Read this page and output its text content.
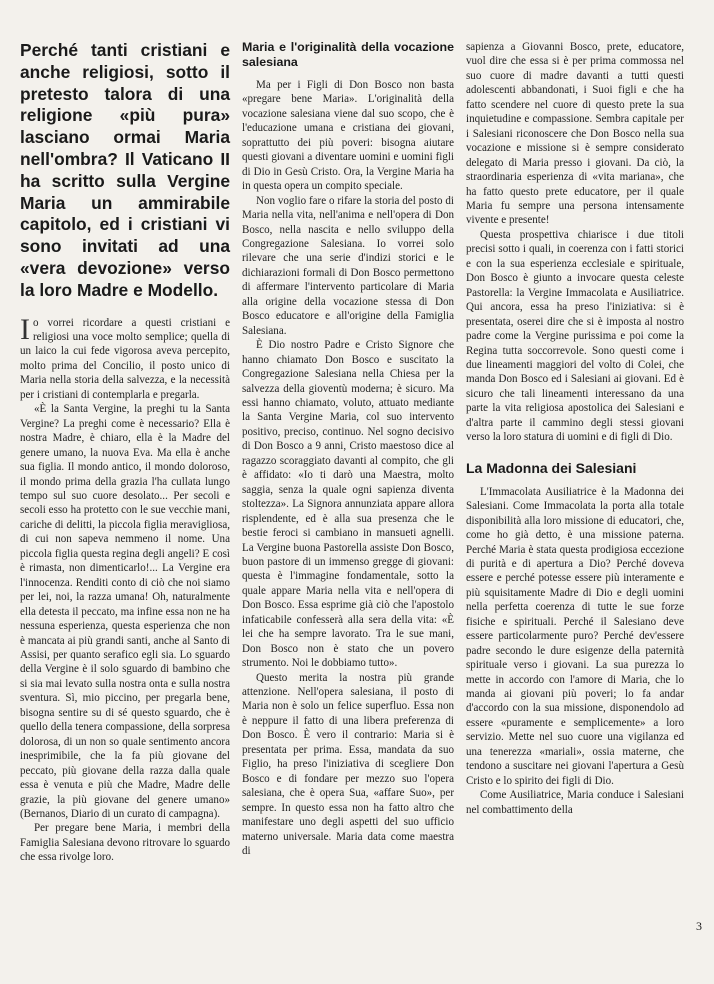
Perché tanti cristiani e anche religiosi, sotto il pretesto talora di una religione «più pura» lasciano ormai Maria nell'ombra? Il Vaticano II ha scritto sulla Vergine Maria un ammirabile capitolo, ed i cristiani vi sono invitati ad una «vera devozione» verso la loro Madre e Modello.

Io vorrei ricordare a questi cristiani e religiosi una voce molto semplice; quella di un laico la cui fede vigorosa aveva percepito, molto prima del Concilio, il posto unico di Maria nella storia della salvezza, e la necessità per i cristiani di contemplarla e pregarla.

«È la Santa Vergine, la preghi tu la Santa Vergine? La preghi come è necessario? Ella è nostra Madre, è chiaro, ella è la Madre del genere umano, la nuova Eva. Ma ella è anche sua figlia. Il mondo antico, il mondo doloroso, il mondo prima della grazia l'ha cullata lungo tempo sul suo cuore desolato... Per secoli e secoli esso ha protetto con le sue vecchie mani, cariche di delitti, la piccola figlia meravigliosa, di cui non sapeva nemmeno il nome. Una piccola figlia questa regina degli angeli? E così è rimasta, non dimenticarlo!... La Vergine era l'innocenza. Renditi conto di ciò che noi siamo per lei, noi, la razza umana! Oh, naturalmente ella detesta il peccato, ma infine essa non ne ha nessuna esperienza, questa esperienza che non è mancata ai più grandi santi, anche al Santo di Assisi, per quanto serafico egli sia. Lo sguardo della Vergine è il solo sguardo di bambino che si sia mai levato sulla nostra onta e sulla nostra sventura. Sì, mio piccino, per pregarla bene, bisogna sentire su di sé questo sguardo, che è quello della tenera compassione, della sorpresa dolorosa, di un non so quale sentimento ancora inesprimibile, che la fa più giovane del peccato, più giovane della razza dalla quale essa è venuta e più che Madre, Madre delle grazie, la più giovane del genere umano» (Bernanos, Diario di un curato di campagna).

Per pregare bene Maria, i membri della Famiglia Salesiana devono ritrovare lo sguardo che essa rivolge loro.

Maria e l'originalità della vocazione salesiana

Ma per i Figli di Don Bosco non basta «pregare bene Maria». L'originalità della vocazione salesiana viene dal suo scopo, che è l'educazione umana e cristiana dei giovani, soprattutto dei più poveri: bisogna aiutare questi giovani a diventare uomini e uomini figli di Dio in Gesù Cristo. Ora, la Vergine Maria ha in questa opera un compito speciale.

Non voglio fare o rifare la storia del posto di Maria nella vita, nell'anima e nell'opera di Don Bosco, nella nascita e nello sviluppo della Congregazione Salesiana. Io vorrei solo rilevare che una serie d'indizi storici e le dichiarazioni formali di Don Bosco permettono di affermare l'intervento particolare di Maria alla origine della vocazione stessa di Don Bosco educatore e all'origine della Famiglia Salesiana.

È Dio nostro Padre e Cristo Signore che hanno chiamato Don Bosco e suscitato la Congregazione Salesiana nella Chiesa per la salvezza della gioventù moderna; è sicuro. Ma essi hanno chiamato, voluto, attuato mediante la Santa Vergine Maria, col suo intervento positivo, preciso, continuo. Nel sogno decisivo di Don Bosco a 9 anni, Cristo maestoso dice al ragazzo scoraggiato davanti al compito, che gli è affidato: «Io ti darò una Maestra, molto saggia, senza la quale ogni sapienza diventa stoltezza». La Signora annunziata appare allora risplendente, ed è alla sua presenza che le bestie feroci si cambiano in mansueti agnelli. La Vergine buona Pastorella assiste Don Bosco, buon pastore di un immenso gregge di giovani: questa è l'immagine fondamentale, sotto la quale appare Maria nella vita e nell'opera di Don Bosco. Essa esprime già ciò che l'apostolo infaticabile confesserà alla sera della vita: «È lei che ha sempre lavorato. Tra le sue mani, Don Bosco non è stato che un povero strumento. Noi le dobbiamo tutto».

Questo merita la nostra più grande attenzione. Nell'opera salesiana, il posto di Maria non è solo un felice superfluo. Essa non è neppure il fatto di una libera preferenza di Don Bosco. È vero il contrario: Maria si è presentata per prima. Essa, mandata da suo Figlio, ha preso l'iniziativa di scegliere Don Bosco e di fondare per mezzo suo l'opera salesiana, che è opera Sua, «affare Suo», per sempre. In questo essa non ha fatto altro che manifestare uno degli aspetti del suo ufficio materno universale. Maria data come maestra di

sapienza a Giovanni Bosco, prete, educatore, vuol dire che essa si è per prima commossa nel suo cuore di madre davanti a tutti questi adolescenti abbandonati, i Suoi figli e che ha fatto scendere nel cuore di questo prete la sua inquietudine e compassione. Sembra capitale per i Salesiani riconoscere che Don Bosco nella sua vocazione e missione si è sempre considerato delegato di Maria presso i giovani. Da ciò, la straordinaria esperienza di «vita mariana», che ha fatto questo prete educatore, per il quale Maria fu sempre una persona intensamente vivente e presente!

Questa prospettiva chiarisce i due titoli precisi sotto i quali, in coerenza con i fatti storici e con la sua esperienza ecclesiale e spirituale, Don Bosco è giunto a invocare questa celeste Pastorella: la Vergine Immacolata e Ausiliatrice. Qui ancora, essa ha preso l'iniziativa: si è presentata, oserei dire che si è imposta al nostro padre come la Vergine purissima e poi come la Regina tutta soccorrevole. Sono questi come i due lineamenti maggiori del volto di Colei, che manda Don Bosco ed i Salesiani ai giovani. Ed è sicuro che tali lineamenti interessano da una parte la vita religiosa apostolica dei Salesiani e d'altra parte il cammino degli stessi giovani verso la loro statura di uomini e di figli di Dio.

La Madonna dei Salesiani

L'Immacolata Ausiliatrice è la Madonna dei Salesiani. Come Immacolata la porta alla totale disponibilità alla loro missione di educatori, che, come ho già detto, è una missione paterna. Perché Maria è stata questa prodigiosa eccezione di purità e di apertura a Dio? Perché doveva essere e perché potesse essere più interamente e più squisitamente Madre di Dio e degli uomini nella perfetta coerenza di tutte le sue forze fisiche e spirituali. Perché il Salesiano deve essere particolarmente puro? Perché dev'essere padre secondo le dure esigenze della paternità spirituale verso i giovani. La sua purezza lo mette in accordo con l'amore di Maria, che lo manda ai giovani più poveri; lo fa andar d'accordo con la sua missione, disponendolo ad essere «puramente e semplicemente» a loro servizio. Mette nel suo cuore una vigilanza ed una tenerezza «mariali», ossia materne, che tendono a suscitare nei giovani l'apertura a Gesù Cristo e lo spirito dei figli di Dio.

Come Ausiliatrice, Maria conduce i Salesiani nel combattimento della

3
